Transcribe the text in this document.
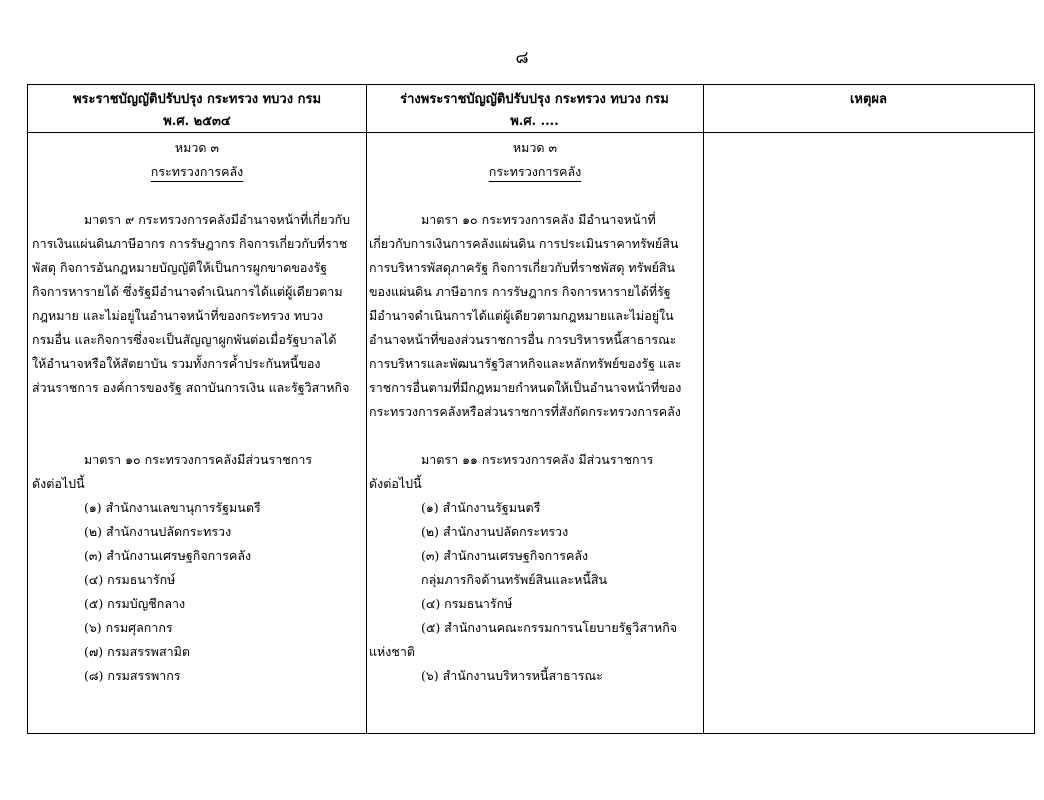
๘
พระราชบัญญัติปรับปรุง กระทรวง ทบวง กรม
พ.ศ. ๒๕๓๔
ร่างพระราชบัญญัติปรับปรุง กระทรวง ทบวง กรม
พ.ศ. ....
เหตุผล
หมวด ๓
กระทรวงการคลัง
มาตรา ๙ กระทรวงการคลังมีอำนาจหน้าที่เกี่ยวกับ
การเงินแผ่นดินภาษีอากร การรัษฎากร กิจการเกี่ยวกับที่ราช
พัสดุ กิจการอันกฎหมายบัญญัติให้เป็นการผูกขาดของรัฐ
กิจการหารายได้ ซึ่งรัฐมีอำนาจดำเนินการได้แต่ผู้เดียวตาม
กฎหมาย และไม่อยู่ในอำนาจหน้าที่ของกระทรวง ทบวง
กรมอื่น และกิจการซึ่งจะเป็นสัญญาผูกพันต่อเมื่อรัฐบาลได้
ให้อำนาจหรือให้สัตยาบัน รวมทั้งการค้ำประกันหนี้ของ
ส่วนราชการ องค์การของรัฐ สถาบันการเงิน และรัฐวิสาหกิจ
มาตรา ๑๐ กระทรวงการคลังมีส่วนราชการ
ดังต่อไปนี้
(๑) สำนักงานเลขานุการรัฐมนตรี
(๒) สำนักงานปลัดกระทรวง
(๓) สำนักงานเศรษฐกิจการคลัง
(๔) กรมธนารักษ์
(๕) กรมบัญชีกลาง
(๖) กรมศุลกากร
(๗) กรมสรรพสามิต
(๘) กรมสรรพากร
หมวด ๓
กระทรวงการคลัง
มาตรา ๑๐ กระทรวงการคลัง มีอำนาจหน้าที่
เกี่ยวกับการเงินการคลังแผ่นดิน การประเมินราคาทรัพย์สิน
การบริหารพัสดุภาครัฐ กิจการเกี่ยวกับที่ราชพัสดุ ทรัพย์สิน
ของแผ่นดิน ภาษีอากร การรัษฎากร กิจการหารายได้ที่รัฐ
มีอำนาจดำเนินการได้แต่ผู้เดียวตามกฎหมายและไม่อยู่ใน
อำนาจหน้าที่ของส่วนราชการอื่น การบริหารหนี้สาธารณะ
การบริหารและพัฒนารัฐวิสาหกิจและหลักทรัพย์ของรัฐ และ
ราชการอื่นตามที่มีกฎหมายกำหนดให้เป็นอำนาจหน้าที่ของ
กระทรวงการคลังหรือส่วนราชการที่สังกัดกระทรวงการคลัง
มาตรา ๑๑ กระทรวงการคลัง มีส่วนราชการ
ดังต่อไปนี้
(๑) สำนักงานรัฐมนตรี
(๒) สำนักงานปลัดกระทรวง
(๓) สำนักงานเศรษฐกิจการคลัง
กลุ่มภารกิจด้านทรัพย์สินและหนี้สิน
(๔) กรมธนารักษ์
(๕) สำนักงานคณะกรรมการนโยบายรัฐวิสาหกิจ
แห่งชาติ
(๖) สำนักงานบริหารหนี้สาธารณะ
